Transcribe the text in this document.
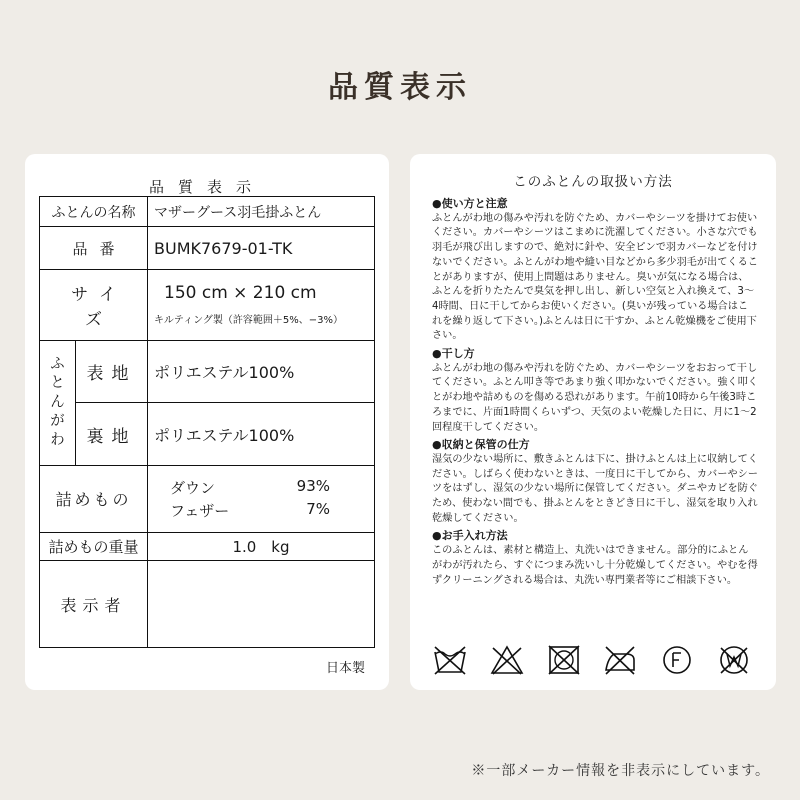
品質表示
品質表示
ふとんの名称		マザーグース羽毛掛ふとん
品番		BUMK7679-01-TK
サイズ		150 cm × 210 cm
キルティング製（許容範囲＋5%、−3%）

ふとんがわ	表地	ポリエステル100%
	裏地	ポリエステル100%
詰めもの		ダウン 93%
フェザー 7%

詰めもの重量		1.0　kg
表示者		
日本製
このふとんの取扱い方法
●使い方と注意

ふとんがわ地の傷みや汚れを防ぐため、カバーやシーツを掛けてお使いください。カバーやシーツはこまめに洗濯してください。小さな穴でも羽毛が飛び出しますので、絶対に針や、安全ピンで羽カバーなどを付けないでください。ふとんがわ地や縫い目などから多少羽毛が出てくることがありますが、使用上問題はありません。臭いが気になる場合は、ふとんを折りたたんで臭気を押し出し、新しい空気と入れ換えて、3〜4時間、日に干してからお使いください。(臭いが残っている場合はこれを繰り返して下さい。)ふとんは日に干すか、ふとん乾燥機をご使用下さい。

●干し方

ふとんがわ地の傷みや汚れを防ぐため、カバーやシーツをおおって干してください。ふとん叩き等であまり強く叩かないでください。強く叩くとがわ地や詰めものを傷める恐れがあります。午前10時から午後3時ころまでに、片面1時間くらいずつ、天気のよい乾燥した日に、月に1〜2回程度干してください。

●収納と保管の仕方

湿気の少ない場所に、敷きふとんは下に、掛けふとんは上に収納してください。しばらく使わないときは、一度日に干してから、カバーやシーツをはずし、湿気の少ない場所に保管してください。ダニやカビを防ぐため、使わない間でも、掛ふとんをときどき日に干し、湿気を取り入れ乾燥してください。

●お手入れ方法

このふとんは、素材と構造上、丸洗いはできません。部分的にふとんがわが汚れたら、すぐにつまみ洗いし十分乾燥してください。やむを得ずクリーニングされる場合は、丸洗い専門業者等にご相談下さい。

※一部メーカー情報を非表示にしています。
